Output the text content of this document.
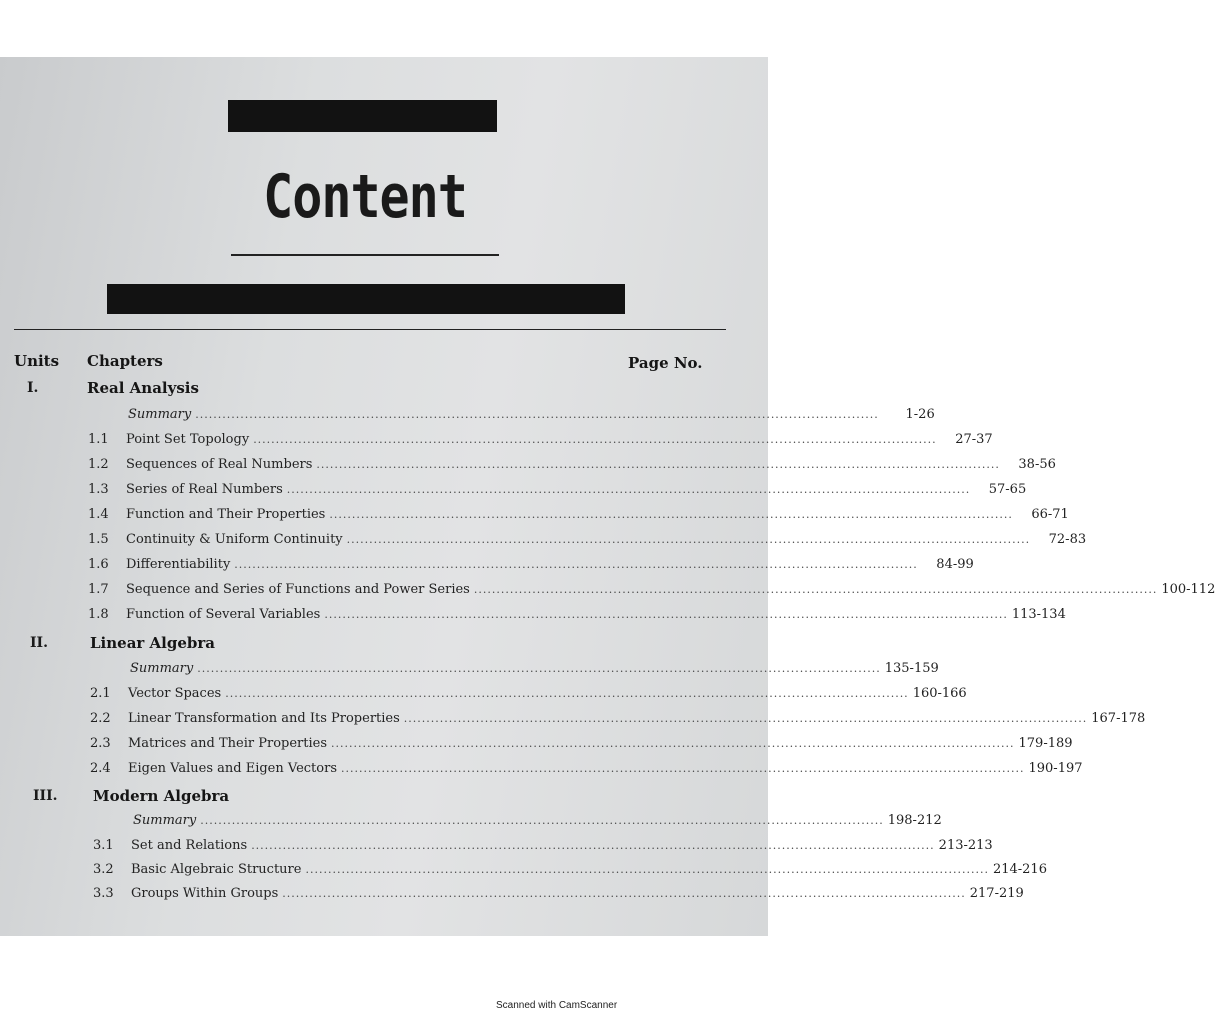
Content
Units Chapters	Page No.
I.	Real Analysis
Summary ........................................................................................................................................................	1-26
1.1 Point Set Topology ........................................................................................................................................................	27-37
1.2 Sequences of Real Numbers ........................................................................................................................................................	38-56
1.3 Series of Real Numbers ........................................................................................................................................................	57-65
1.4 Function and Their Properties ........................................................................................................................................................	66-71
1.5 Continuity & Uniform Continuity ........................................................................................................................................................	72-83
1.6 Differentiability ........................................................................................................................................................	84-99
1.7 Sequence and Series of Functions and Power Series ........................................................................................................................................................ 100-112
1.8 Function of Several Variables ........................................................................................................................................................ 113-134
II.	Linear Algebra
Summary ........................................................................................................................................................ 135-159
2.1 Vector Spaces ........................................................................................................................................................ 160-166
2.2 Linear Transformation and Its Properties ........................................................................................................................................................ 167-178
2.3 Matrices and Their Properties ........................................................................................................................................................ 179-189
2.4 Eigen Values and Eigen Vectors ........................................................................................................................................................ 190-197
III. Modern Algebra
Summary ........................................................................................................................................................ 198-212
3.1 Set and Relations ........................................................................................................................................................ 213-213
3.2 Basic Algebraic Structure ........................................................................................................................................................ 214-216
3.3 Groups Within Groups ........................................................................................................................................................ 217-219
Scanned with CamScanner
